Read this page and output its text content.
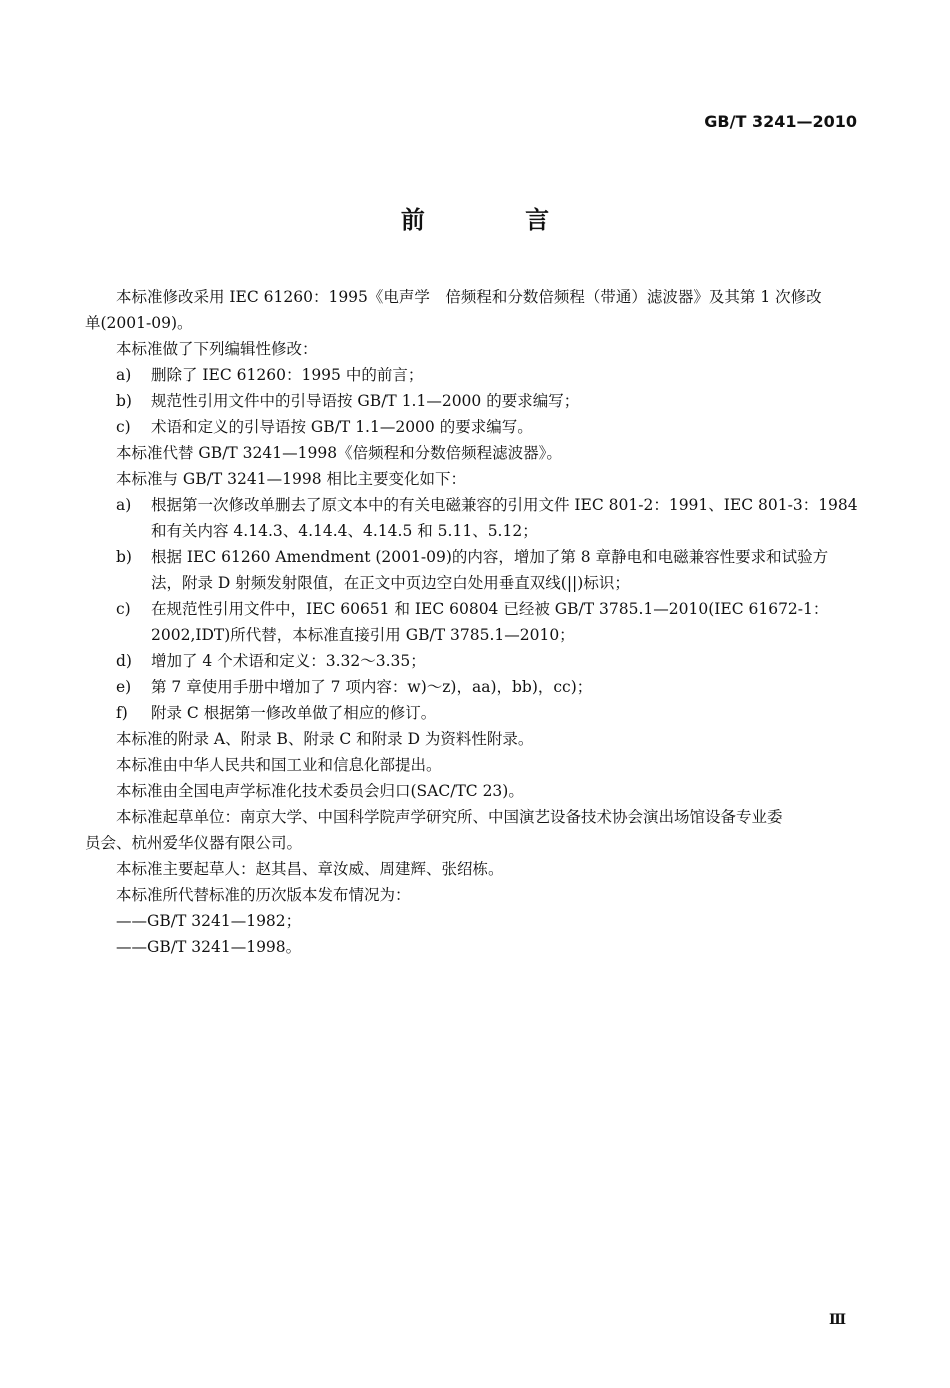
GB/T 3241—2010
前 言

本标准修改采用 IEC 61260：1995《电声学　倍频程和分数倍频程（带通）滤波器》及其第 1 次修改

单(2001-09)。

本标准做了下列编辑性修改：

a)	删除了 IEC 61260：1995 中的前言；
b)	规范性引用文件中的引导语按 GB/T 1.1—2000 的要求编写；
c)	术语和定义的引导语按 GB/T 1.1—2000 的要求编写。

本标准代替 GB/T 3241—1998《倍频程和分数倍频程滤波器》。

本标准与 GB/T 3241—1998 相比主要变化如下：

a)	根据第一次修改单删去了原文本中的有关电磁兼容的引用文件 IEC 801-2：1991、IEC 801-3：1984 和有关内容 4.14.3、4.14.4、4.14.5 和 5.11、5.12；
b)	根据 IEC 61260 Amendment (2001-09)的内容，增加了第 8 章静电和电磁兼容性要求和试验方法，附录 D 射频发射限值，在正文中页边空白处用垂直双线(||)标识；
c)	在规范性引用文件中，IEC 60651 和 IEC 60804 已经被 GB/T 3785.1—2010(IEC 61672-1：2002,IDT)所代替，本标准直接引用 GB/T 3785.1—2010；
d)	增加了 4 个术语和定义：3.32～3.35；
e)	第 7 章使用手册中增加了 7 项内容：w)～z)，aa)，bb)，cc)；
f)	附录 C 根据第一修改单做了相应的修订。

本标准的附录 A、附录 B、附录 C 和附录 D 为资料性附录。

本标准由中华人民共和国工业和信息化部提出。

本标准由全国电声学标准化技术委员会归口(SAC/TC 23)。

本标准起草单位：南京大学、中国科学院声学研究所、中国演艺设备技术协会演出场馆设备专业委

员会、杭州爱华仪器有限公司。

本标准主要起草人：赵其昌、章汝威、周建辉、张绍栋。

本标准所代替标准的历次版本发布情况为：

——GB/T 3241—1982；

——GB/T 3241—1998。

Ⅲ
